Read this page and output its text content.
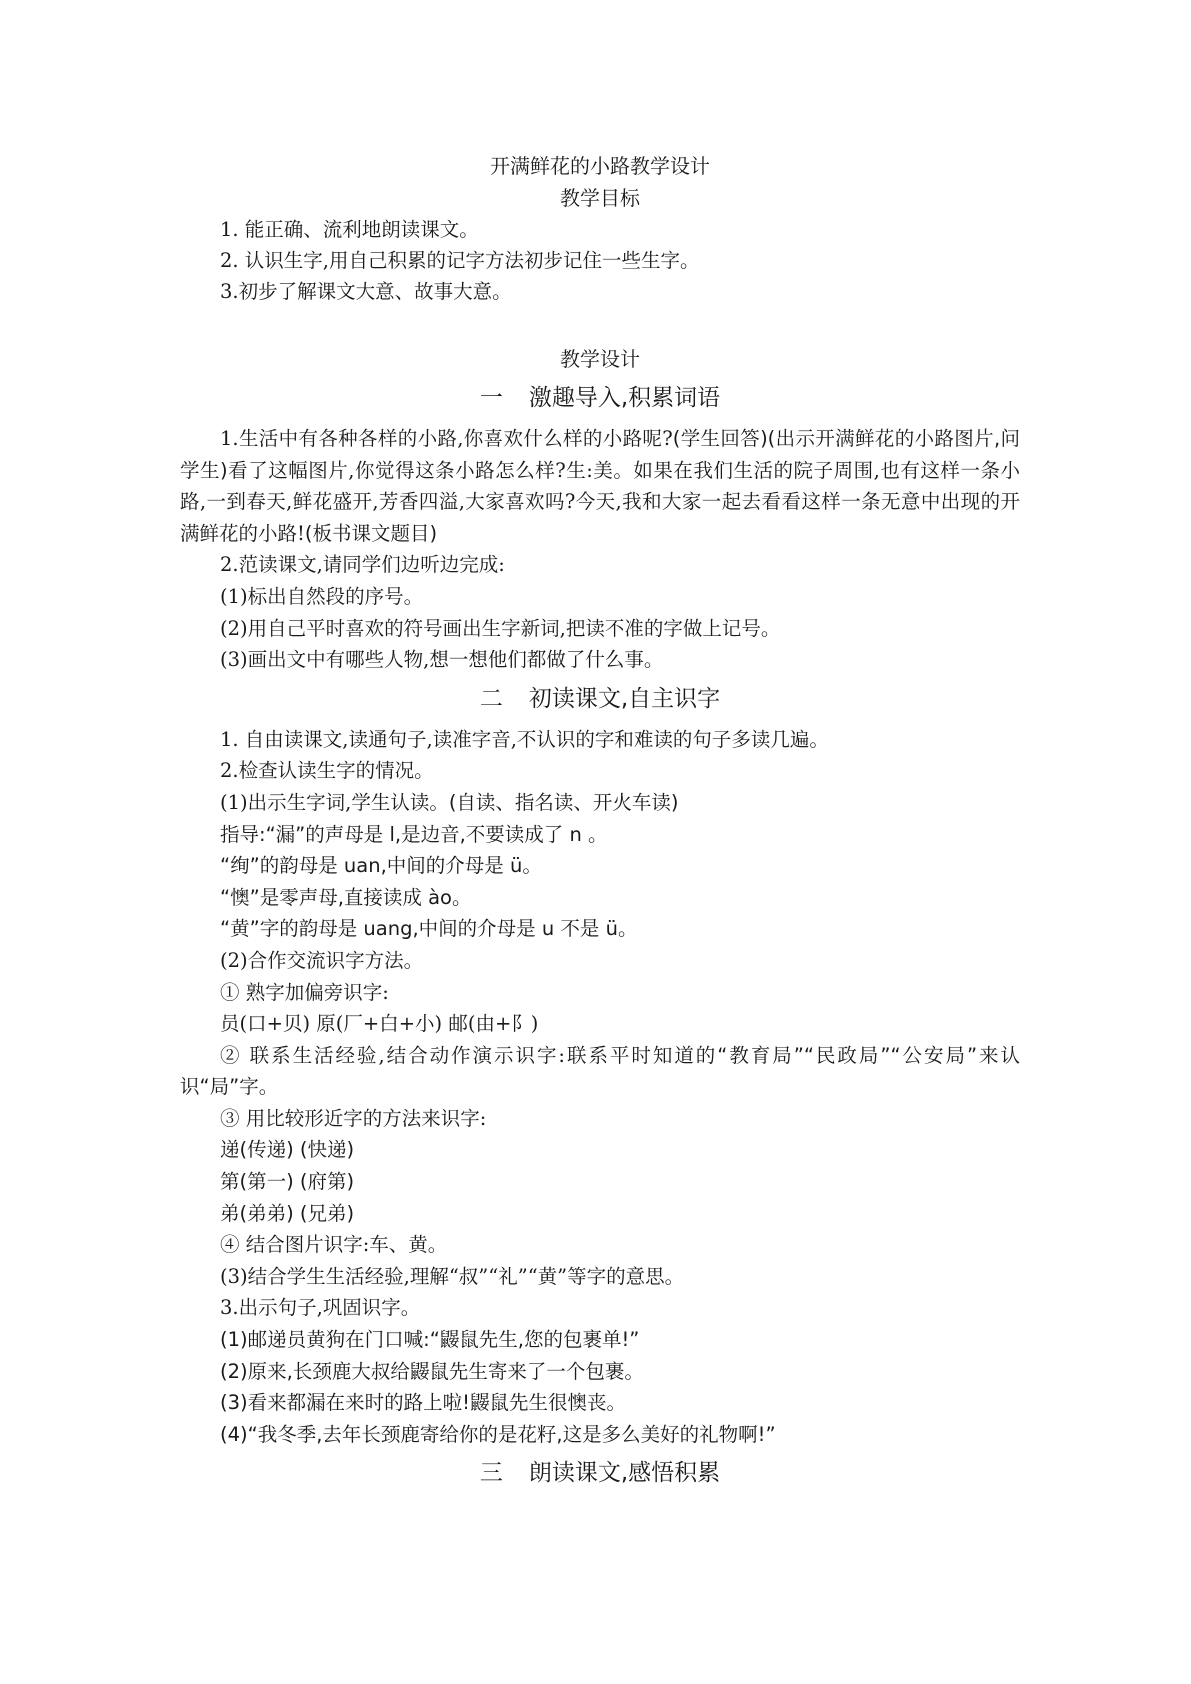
开满鲜花的小路教学设计
教学目标

1. 能正确、流利地朗读课文。

2. 认识生字,用自己积累的记字方法初步记住一些生字。

3.初步了解课文大意、故事大意。

教学设计
一 激趣导入,积累词语

1.生活中有各种各样的小路,你喜欢什么样的小路呢?(学生回答)(出示开满鲜花的小路图片,问学生)看了这幅图片,你觉得这条小路怎么样?生:美。如果在我们生活的院子周围,也有这样一条小路,一到春天,鲜花盛开,芳香四溢,大家喜欢吗?今天,我和大家一起去看看这样一条无意中出现的开满鲜花的小路!(板书课文题目)

2.范读课文,请同学们边听边完成:

(1)标出自然段的序号。

(2)用自己平时喜欢的符号画出生字新词,把读不准的字做上记号。

(3)画出文中有哪些人物,想一想他们都做了什么事。

二 初读课文,自主识字

1. 自由读课文,读通句子,读准字音,不认识的字和难读的句子多读几遍。

2.检查认读生字的情况。

(1)出示生字词,学生认读。(自读、指名读、开火车读)

指导:“漏”的声母是 l,是边音,不要读成了 n 。

“绚”的韵母是 uan,中间的介母是 ü。

“懊”是零声母,直接读成 ào。

“黄”字的韵母是 uang,中间的介母是 u 不是 ü。

(2)合作交流识字方法。

① 熟字加偏旁识字:

员(口+贝) 原(厂+白+小) 邮(由+阝)

② 联系生活经验,结合动作演示识字:联系平时知道的“教育局”“民政局”“公安局”来认识“局”字。

③ 用比较形近字的方法来识字:

递(传递) (快递)

第(第一) (府第)

弟(弟弟) (兄弟)

④ 结合图片识字:车、黄。

(3)结合学生生活经验,理解“叔”“礼”“黄”等字的意思。

3.出示句子,巩固识字。

(1)邮递员黄狗在门口喊:“鼹鼠先生,您的包裹单!”

(2)原来,长颈鹿大叔给鼹鼠先生寄来了一个包裹。

(3)看来都漏在来时的路上啦!鼹鼠先生很懊丧。

(4)“我冬季,去年长颈鹿寄给你的是花籽,这是多么美好的礼物啊!”

三 朗读课文,感悟积累
